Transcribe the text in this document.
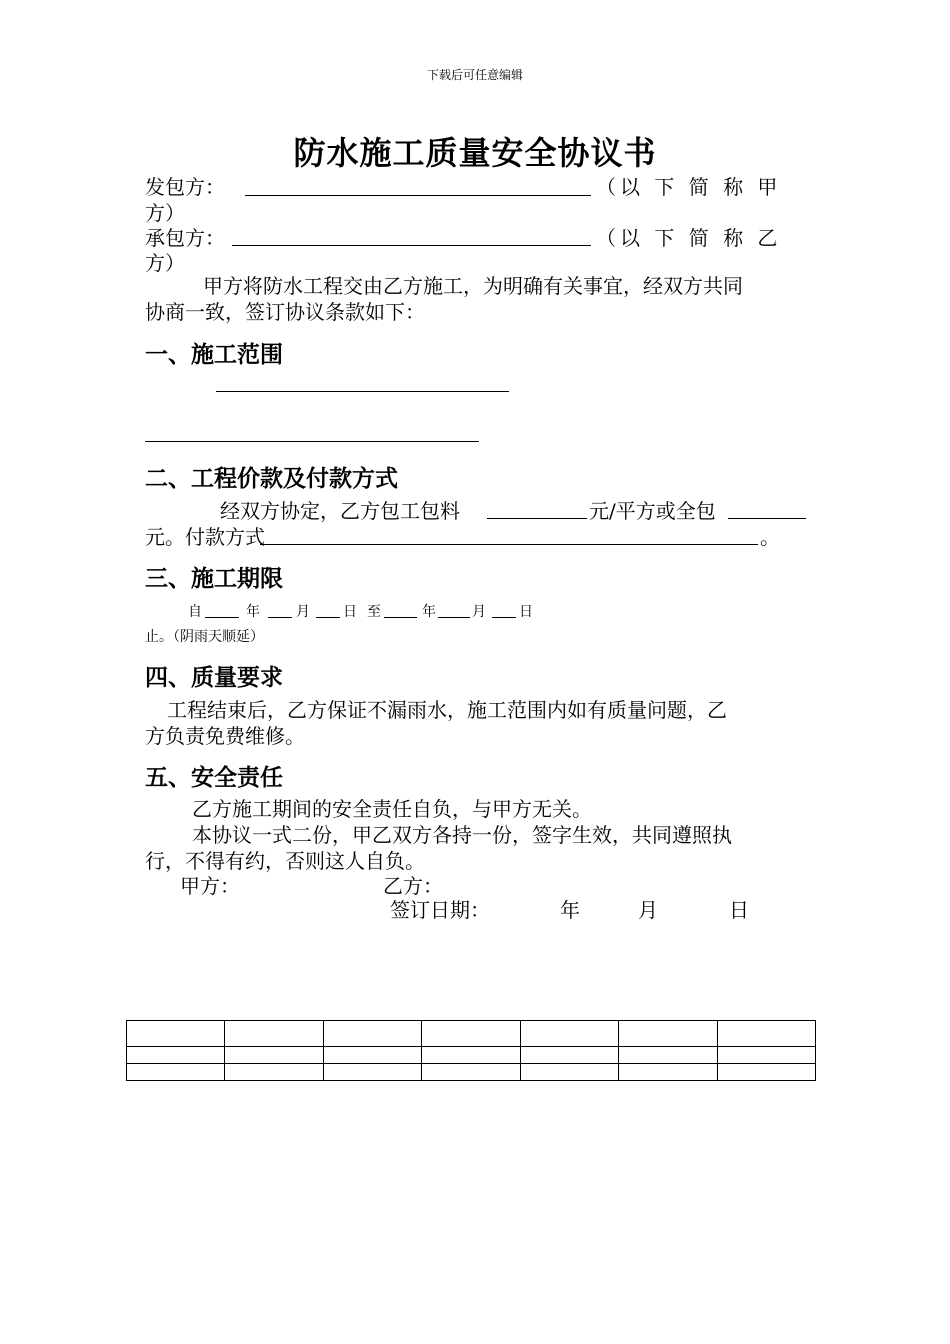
下载后可任意编辑
防水施工质量安全协议书
发包方：	（以 下 简 称 甲
方）
承包方：	（以 下 简 称 乙
方）
甲方将防水工程交由乙方施工，为明确有关事宜，经双方共同
协商一致，签订协议条款如下：
一、施工范围
二、工程价款及付款方式
经双方协定，乙方包工包料	元/平方或全包
元。付款方式	。
三、施工期限
自	年	月 日 至	年	月 日
止。（阴雨天顺延）
四、质量要求
工程结束后，乙方保证不漏雨水，施工范围内如有质量问题，乙
方负责免费维修。
五、安全责任
乙方施工期间的安全责任自负，与甲方无关。
本协议一式二份，甲乙双方各持一份，签字生效，共同遵照执
行，不得有约，否则这人自负。
甲方：	乙方：
签订日期：	年	月	日
